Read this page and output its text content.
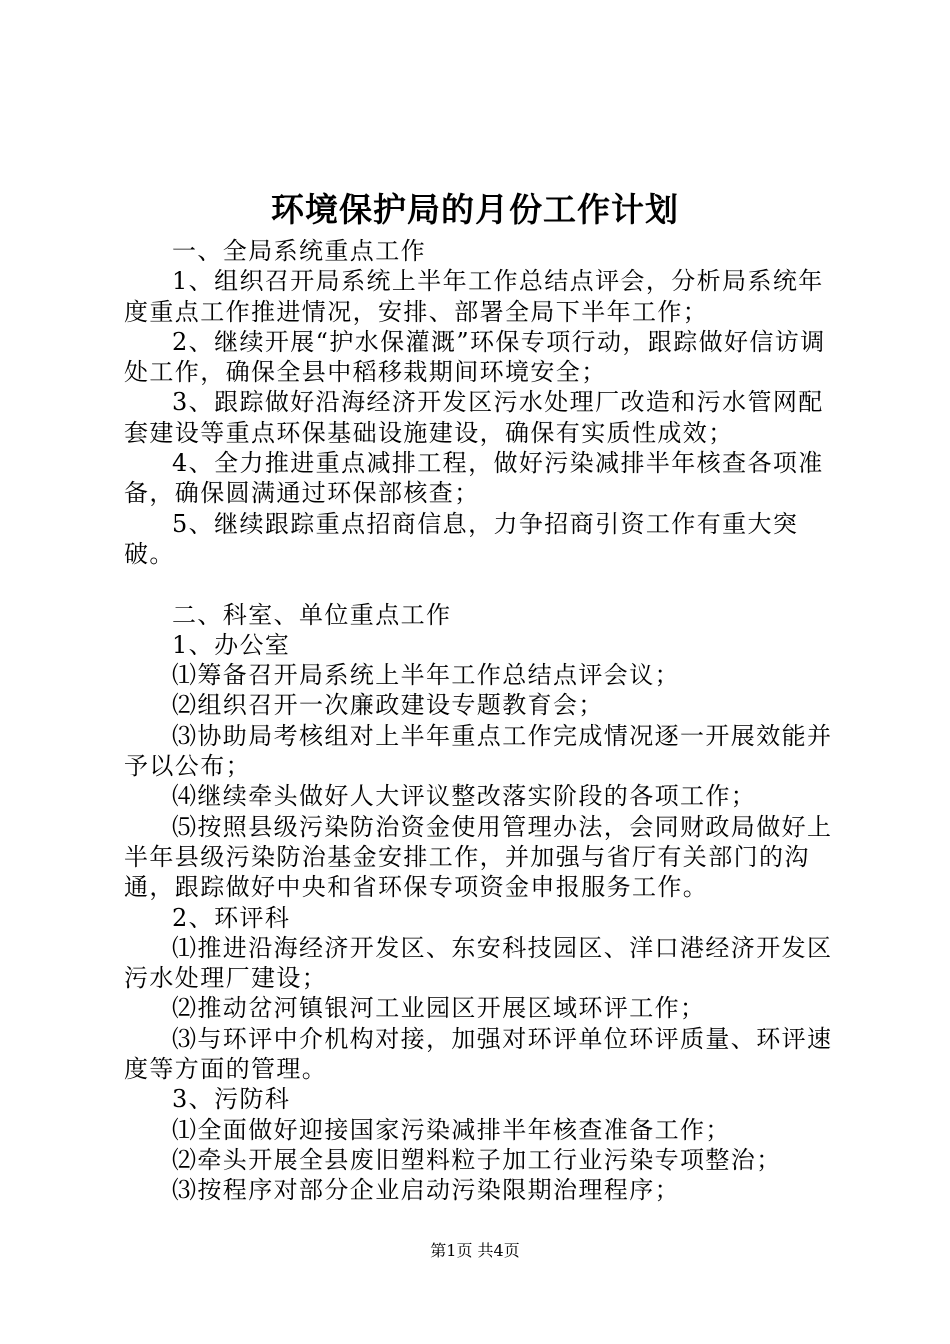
环境保护局的月份工作计划

一、全局系统重点工作

1、组织召开局系统上半年工作总结点评会，分析局系统年度重点工作推进情况，安排、部署全局下半年工作；

2、继续开展“护水保灌溉”环保专项行动，跟踪做好信访调处工作，确保全县中稻移栽期间环境安全；

3、跟踪做好沿海经济开发区污水处理厂改造和污水管网配套建设等重点环保基础设施建设，确保有实质性成效；

4、全力推进重点减排工程，做好污染减排半年核查各项准备，确保圆满通过环保部核查；

5、继续跟踪重点招商信息，力争招商引资工作有重大突破。

二、科室、单位重点工作

1、办公室

⑴筹备召开局系统上半年工作总结点评会议；

⑵组织召开一次廉政建设专题教育会；

⑶协助局考核组对上半年重点工作完成情况逐一开展效能并予以公布；

⑷继续牵头做好人大评议整改落实阶段的各项工作；

⑸按照县级污染防治资金使用管理办法，会同财政局做好上半年县级污染防治基金安排工作，并加强与省厅有关部门的沟通，跟踪做好中央和省环保专项资金申报服务工作。

2、环评科

⑴推进沿海经济开发区、东安科技园区、洋口港经济开发区污水处理厂建设；

⑵推动岔河镇银河工业园区开展区域环评工作；

⑶与环评中介机构对接，加强对环评单位环评质量、环评速度等方面的管理。

3、污防科

⑴全面做好迎接国家污染减排半年核查准备工作；

⑵牵头开展全县废旧塑料粒子加工行业污染专项整治；

⑶按程序对部分企业启动污染限期治理程序；

第1页 共4页
